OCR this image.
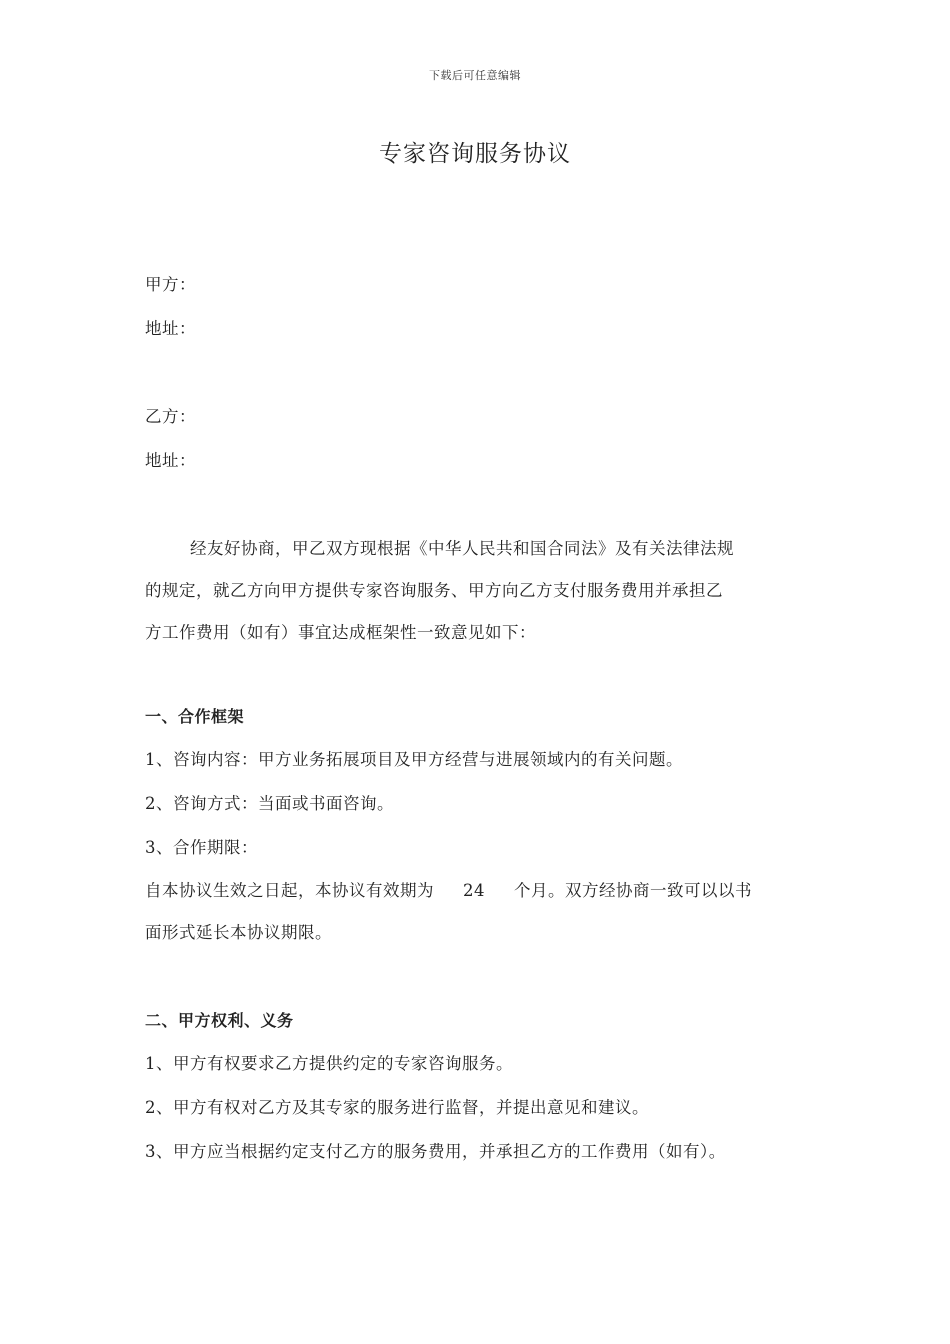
下载后可任意编辑
专家咨询服务协议
甲方：
地址：
乙方：
地址：
经友好协商，甲乙双方现根据《中华人民共和国合同法》及有关法律法规
的规定，就乙方向甲方提供专家咨询服务、甲方向乙方支付服务费用并承担乙
方工作费用（如有）事宜达成框架性一致意见如下：
一、合作框架
1、咨询内容：甲方业务拓展项目及甲方经营与进展领域内的有关问题。
2、咨询方式：当面或书面咨询。
3、合作期限：
自本协议生效之日起，本协议有效期为 24 个月。双方经协商一致可以以书
面形式延长本协议期限。
二、甲方权利、义务
1、甲方有权要求乙方提供约定的专家咨询服务。
2、甲方有权对乙方及其专家的服务进行监督，并提出意见和建议。
3、甲方应当根据约定支付乙方的服务费用，并承担乙方的工作费用（如有）。
